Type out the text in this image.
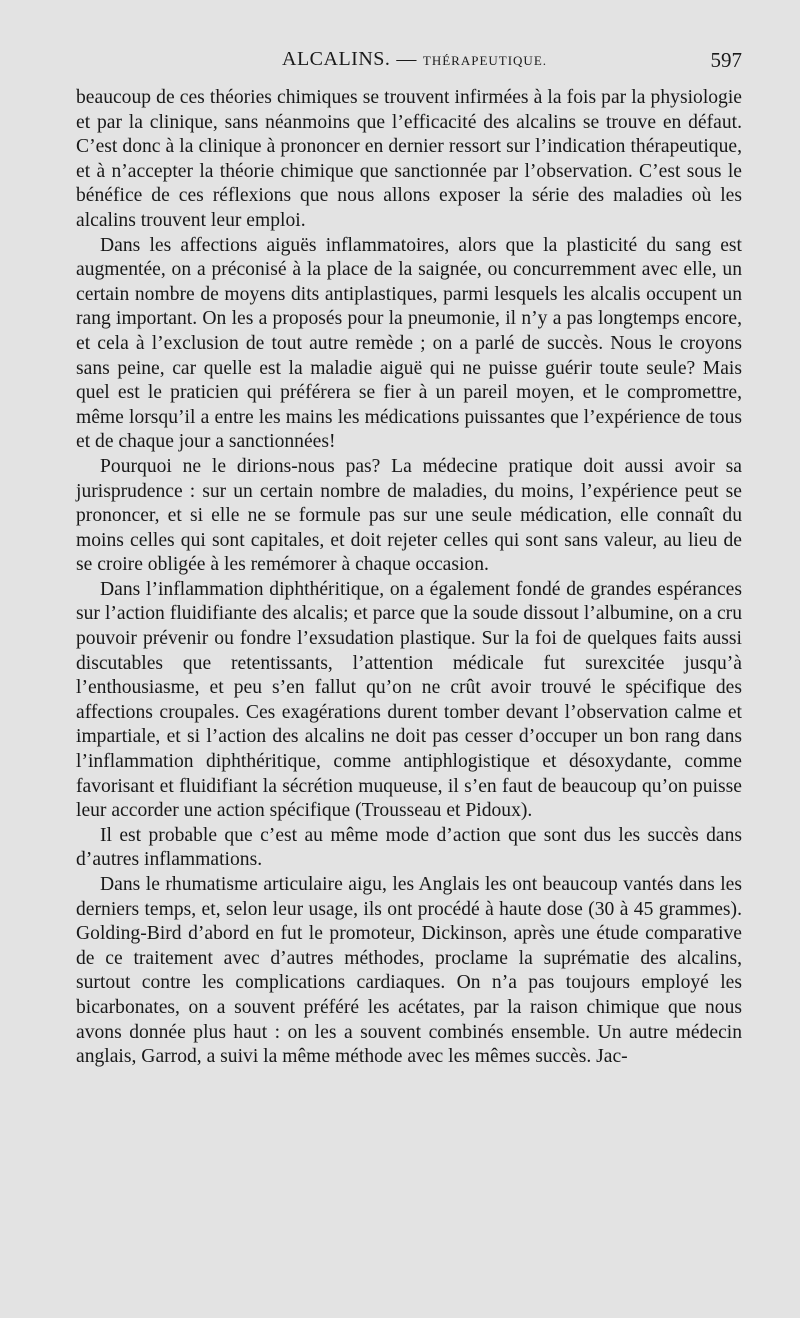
ALCALINS. — THÉRAPEUTIQUE.	597

beaucoup de ces théories chimiques se trouvent infirmées à la fois par la physiologie et par la clinique, sans néanmoins que l’efficacité des alcalins se trouve en défaut. C’est donc à la clinique à prononcer en dernier ressort sur l’indication thérapeutique, et à n’accepter la théorie chimique que sanctionnée par l’observation. C’est sous le bénéfice de ces réflexions que nous allons exposer la série des maladies où les alcalins trouvent leur emploi.

Dans les affections aiguës inflammatoires, alors que la plasticité du sang est augmentée, on a préconisé à la place de la saignée, ou concurremment avec elle, un certain nombre de moyens dits antiplastiques, parmi lesquels les alcalis occupent un rang important. On les a proposés pour la pneumonie, il n’y a pas longtemps encore, et cela à l’exclusion de tout autre remède ; on a parlé de succès. Nous le croyons sans peine, car quelle est la maladie aiguë qui ne puisse guérir toute seule? Mais quel est le praticien qui préférera se fier à un pareil moyen, et le compromettre, même lorsqu’il a entre les mains les médications puissantes que l’expérience de tous et de chaque jour a sanctionnées!

Pourquoi ne le dirions-nous pas? La médecine pratique doit aussi avoir sa jurisprudence : sur un certain nombre de maladies, du moins, l’expérience peut se prononcer, et si elle ne se formule pas sur une seule médication, elle connaît du moins celles qui sont capitales, et doit rejeter celles qui sont sans valeur, au lieu de se croire obligée à les remémorer à chaque occasion.

Dans l’inflammation diphthéritique, on a également fondé de grandes espérances sur l’action fluidifiante des alcalis; et parce que la soude dissout l’albumine, on a cru pouvoir prévenir ou fondre l’exsudation plastique. Sur la foi de quelques faits aussi discutables que retentissants, l’attention médicale fut surexcitée jusqu’à l’enthousiasme, et peu s’en fallut qu’on ne crût avoir trouvé le spécifique des affections croupales. Ces exagérations durent tomber devant l’observation calme et impartiale, et si l’action des alcalins ne doit pas cesser d’occuper un bon rang dans l’inflammation diphthéritique, comme antiphlogistique et désoxydante, comme favorisant et fluidifiant la sécrétion muqueuse, il s’en faut de beaucoup qu’on puisse leur accorder une action spécifique (Trousseau et Pidoux).

Il est probable que c’est au même mode d’action que sont dus les succès dans d’autres inflammations.

Dans le rhumatisme articulaire aigu, les Anglais les ont beaucoup vantés dans les derniers temps, et, selon leur usage, ils ont procédé à haute dose (30 à 45 grammes). Golding-Bird d’abord en fut le promoteur, Dickinson, après une étude comparative de ce traitement avec d’autres méthodes, proclame la suprématie des alcalins, surtout contre les complications cardiaques. On n’a pas toujours employé les bicarbonates, on a souvent préféré les acétates, par la raison chimique que nous avons donnée plus haut : on les a souvent combinés ensemble. Un autre médecin anglais, Garrod, a suivi la même méthode avec les mêmes succès. Jac-
